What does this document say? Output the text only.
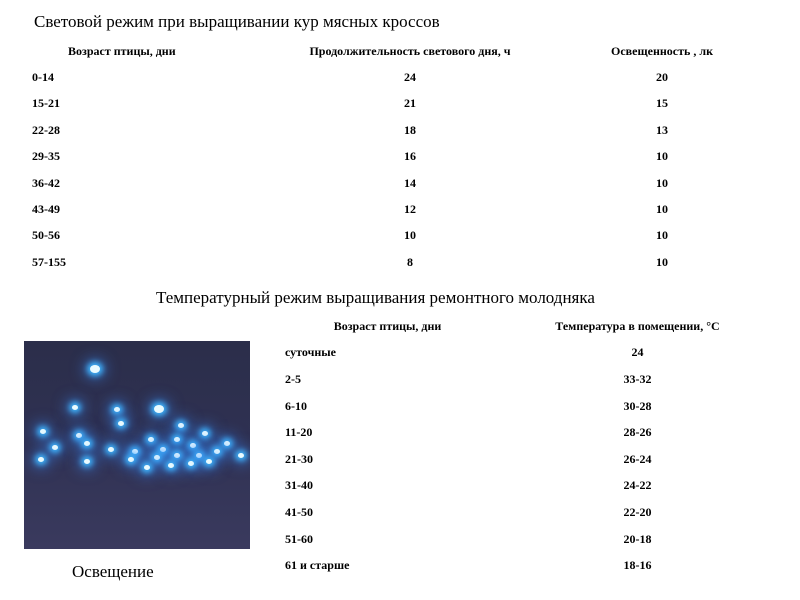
Световой режим при выращивании кур мясных кроссов
Возраст птицы, дни	Продолжительность светового дня, ч	Освещенность , лк
0-14	24	20
15-21	21	15
22-28	18	13
29-35	16	10
36-42	14	10
43-49	12	10
50-56	10	10
57-155	8	10
Температурный режим выращивания ремонтного молодняка
Возраст птицы, дни	Температура в помещении, °С
суточные	24
2-5	33-32
6-10	30-28
11-20	28-26
21-30	26-24
31-40	24-22
41-50	22-20
51-60	20-18
61 и старше	18-16
Освещение
